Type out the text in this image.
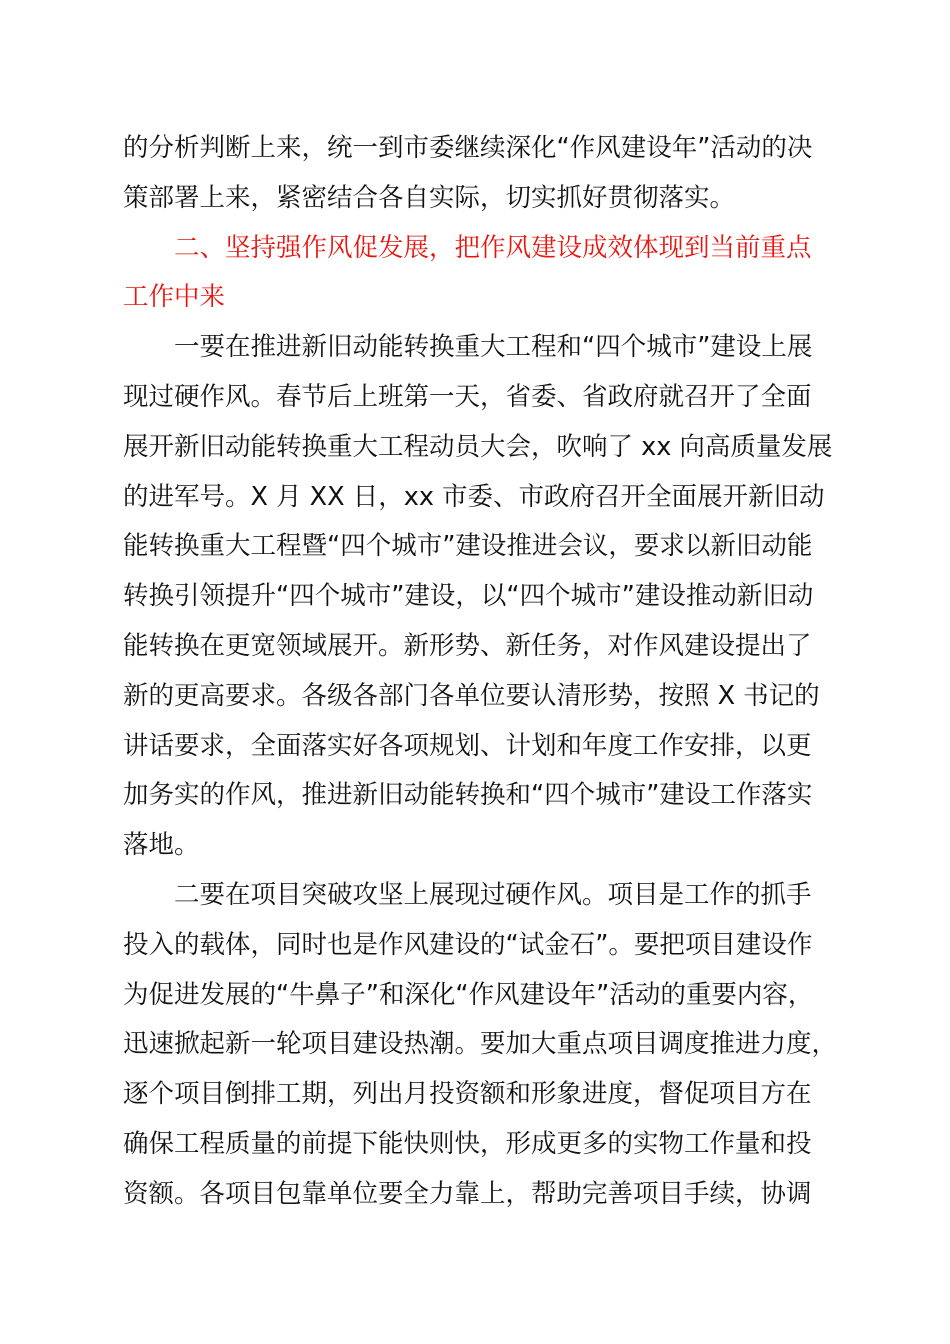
的分析判断上来，统一到市委继续深化“作风建设年”活动的决
策部署上来，紧密结合各自实际，切实抓好贯彻落实。
二、坚持强作风促发展，把作风建设成效体现到当前重点
工作中来
一要在推进新旧动能转换重大工程和“四个城市”建设上展
现过硬作风。春节后上班第一天，省委、省政府就召开了全面
展开新旧动能转换重大工程动员大会，吹响了 xx 向高质量发展
的进军号。X 月 XX 日，xx 市委、市政府召开全面展开新旧动
能转换重大工程暨“四个城市”建设推进会议，要求以新旧动能
转换引领提升“四个城市”建设，以“四个城市”建设推动新旧动
能转换在更宽领域展开。新形势、新任务，对作风建设提出了
新的更高要求。各级各部门各单位要认清形势，按照 X 书记的
讲话要求，全面落实好各项规划、计划和年度工作安排，以更
加务实的作风，推进新旧动能转换和“四个城市”建设工作落实
落地。
二要在项目突破攻坚上展现过硬作风。项目是工作的抓手
投入的载体，同时也是作风建设的“试金石”。要把项目建设作
为促进发展的“牛鼻子”和深化“作风建设年”活动的重要内容，
迅速掀起新一轮项目建设热潮。要加大重点项目调度推进力度，
逐个项目倒排工期，列出月投资额和形象进度，督促项目方在
确保工程质量的前提下能快则快，形成更多的实物工作量和投
资额。各项目包靠单位要全力靠上，帮助完善项目手续，协调
